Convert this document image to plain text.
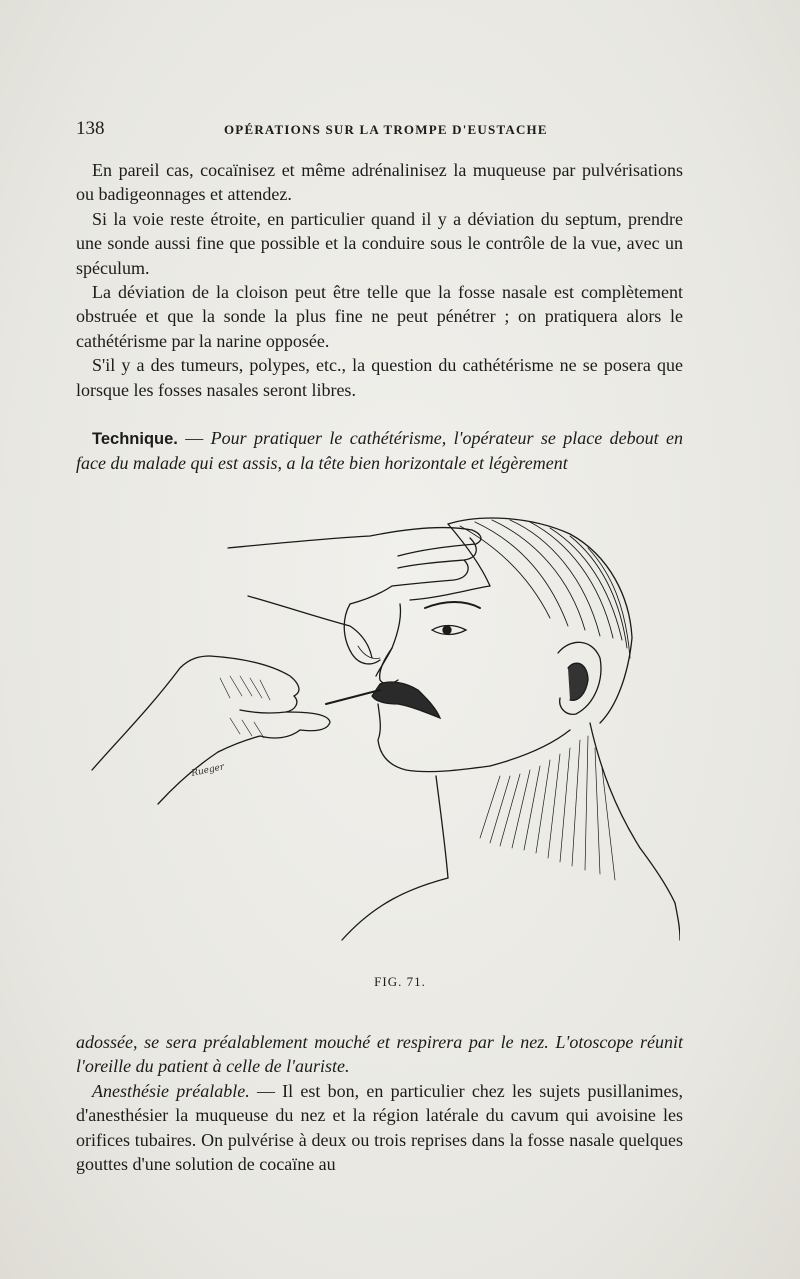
138	OPÉRATIONS SUR LA TROMPE D'EUSTACHE

En pareil cas, cocaïnisez et même adrénalinisez la muqueuse par pulvérisations ou badigeonnages et attendez.

Si la voie reste étroite, en particulier quand il y a déviation du septum, prendre une sonde aussi fine que possible et la conduire sous le contrôle de la vue, avec un spéculum.

La déviation de la cloison peut être telle que la fosse nasale est complètement obstruée et que la sonde la plus fine ne peut pénétrer ; on pratiquera alors le cathétérisme par la narine opposée.

S'il y a des tumeurs, polypes, etc., la question du cathétérisme ne se posera que lorsque les fosses nasales seront libres.

Technique. — Pour pratiquer le cathétérisme, l'opérateur se place debout en face du malade qui est assis, a la tête bien horizontale et légèrement

Rueger
FIG. 71.

adossée, se sera préalablement mouché et respirera par le nez. L'otoscope réunit l'oreille du patient à celle de l'auriste.

Anesthésie préalable. — Il est bon, en particulier chez les sujets pusillanimes, d'anesthésier la muqueuse du nez et la région latérale du cavum qui avoisine les orifices tubaires. On pulvérise à deux ou trois reprises dans la fosse nasale quelques gouttes d'une solution de cocaïne au
